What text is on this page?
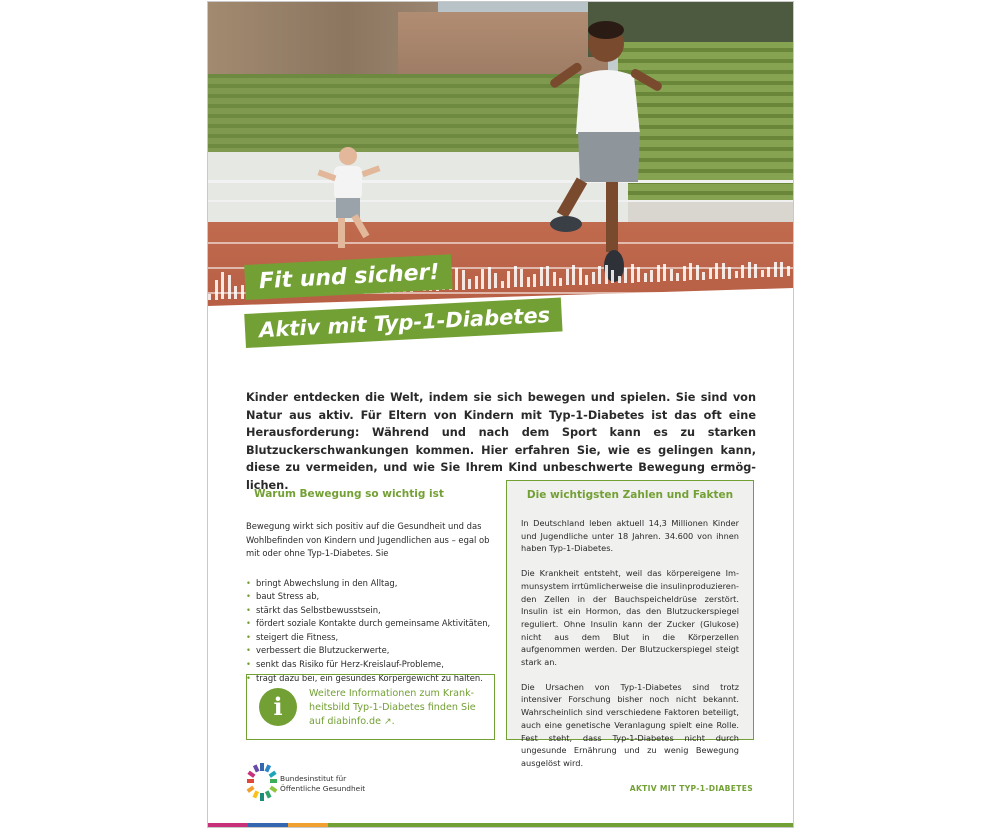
Fit und sicher!
Aktiv mit Typ-1-Diabetes
Kinder entdecken die Welt, indem sie sich bewegen und spielen. Sie sind von Natur aus aktiv. Für Eltern von Kindern mit Typ-1-Diabetes ist das oft eine Herausforderung: Während und nach dem Sport kann es zu starken Blutzuckerschwankungen kommen. Hier erfahren Sie, wie es gelingen kann, diese zu vermeiden, und wie Sie Ihrem Kind unbeschwerte Bewegung ermöglichen.
Warum Bewegung so wichtig ist
Bewegung wirkt sich positiv auf die Gesundheit und das Wohlbefinden von Kindern und Jugendlichen aus – egal ob mit oder ohne Typ-1-Diabetes. Sie
• bringt Abwechslung in den Alltag,
• baut Stress ab,
• stärkt das Selbstbewusstsein,
• fördert soziale Kontakte durch gemeinsame Aktivitäten,
• steigert die Fitness,
• verbessert die Blutzuckerwerte,
• senkt das Risiko für Herz-Kreislauf-Probleme,
• trägt dazu bei, ein gesundes Körpergewicht zu halten.
i	Weitere Informationen zum Krankheitsbild Typ-1-Diabetes finden Sie auf diabinfo.de ↗.
Die wichtigsten Zahlen und Fakten
In Deutschland leben aktuell 14,3 Millionen Kinder und Jugendliche unter 18 Jahren. 34.600 von ihnen haben Typ-1-Diabetes.
Die Krankheit entsteht, weil das körpereigene Immunsystem irrtümlicherweise die insulinproduzierenden Zellen in der Bauchspeicheldrüse zerstört. Insulin ist ein Hormon, das den Blutzuckerspiegel reguliert. Ohne Insulin kann der Zucker (Glukose) nicht aus dem Blut in die Körperzellen aufgenommen werden. Der Blutzuckerspiegel steigt stark an.
Die Ursachen von Typ-1-Diabetes sind trotz intensiver Forschung bisher noch nicht bekannt. Wahrscheinlich sind verschiedene Faktoren beteiligt, auch eine genetische Veranlagung spielt eine Rolle. Fest steht, dass Typ-1-Diabetes nicht durch ungesunde Ernährung und zu wenig Bewegung ausgelöst wird.
Bundesinstitut für
Öffentliche Gesundheit	AKTIV MIT TYP-1-DIABETES
